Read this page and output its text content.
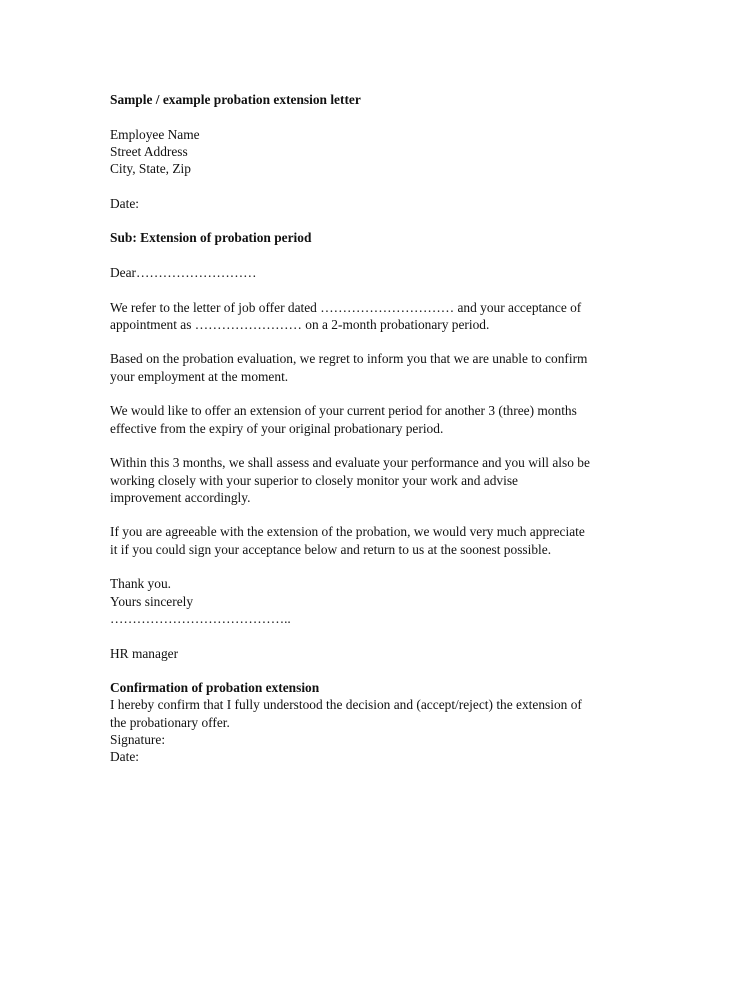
Sample / example probation extension letter
Employee Name
Street Address
City, State, Zip
Date:
Sub: Extension of probation period
Dear………………………
We refer to the letter of job offer dated ………………………… and your acceptance of
appointment as …………………… on a 2-month probationary period.
Based on the probation evaluation, we regret to inform you that we are unable to confirm
your employment at the moment.
We would like to offer an extension of your current period for another 3 (three) months
effective from the expiry of your original probationary period.
Within this 3 months, we shall assess and evaluate your performance and you will also be
working closely with your superior to closely monitor your work and advise
improvement accordingly.
If you are agreeable with the extension of the probation, we would very much appreciate
it if you could sign your acceptance below and return to us at the soonest possible.
Thank you.
Yours sincerely
…………………………………..
HR manager
Confirmation of probation extension
I hereby confirm that I fully understood the decision and (accept/reject) the extension of
the probationary offer.
Signature:
Date:
